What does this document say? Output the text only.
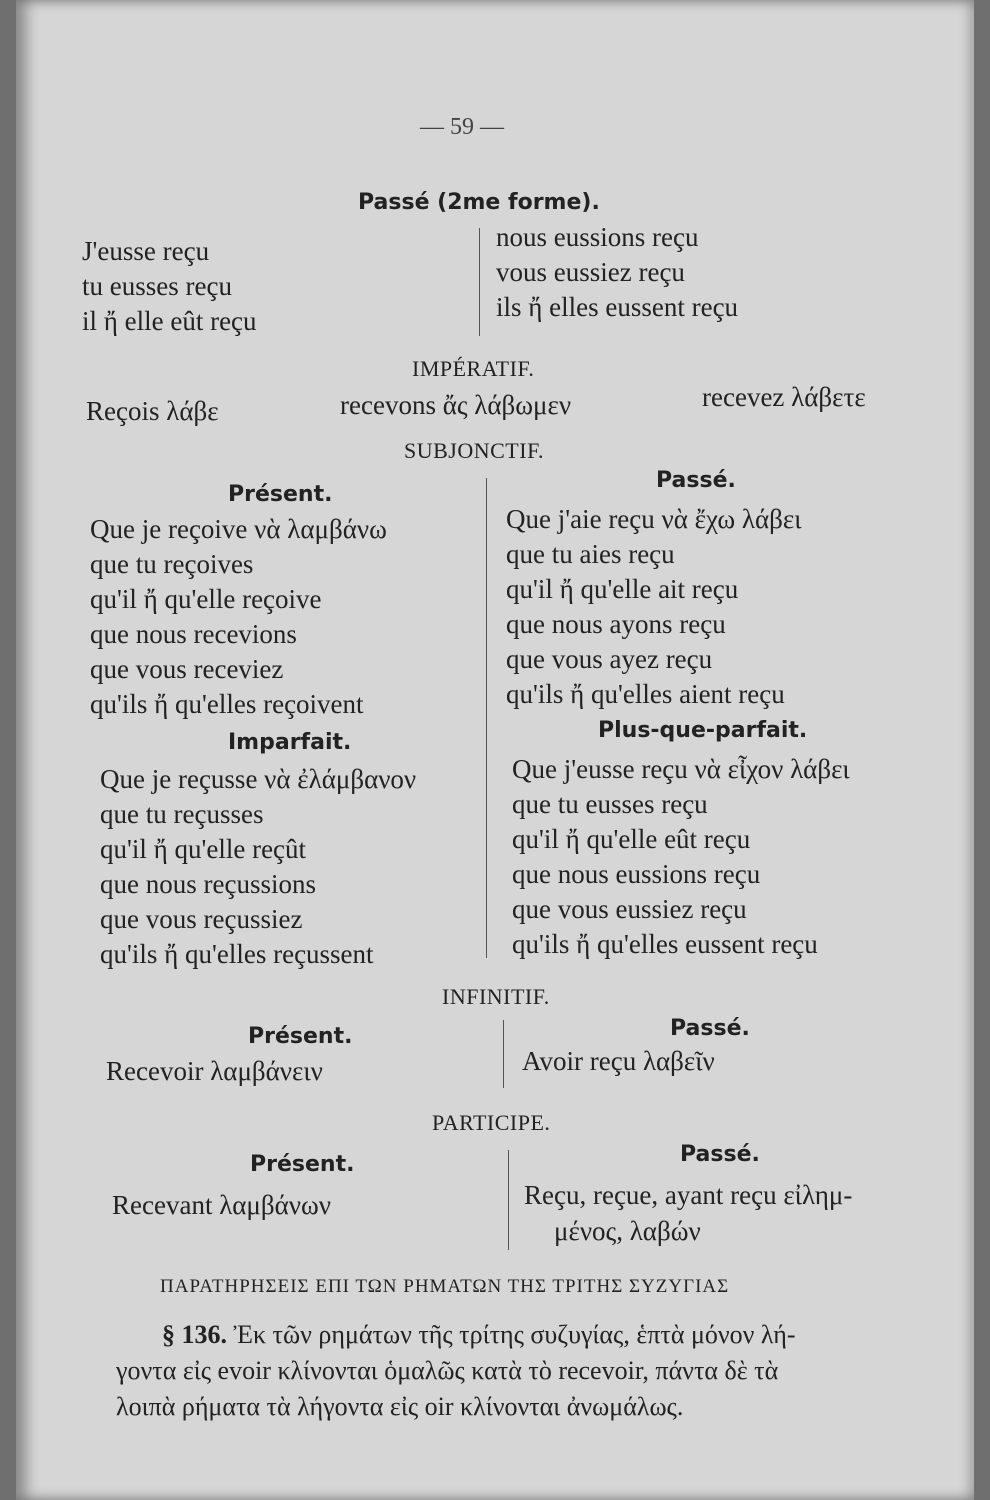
— 59 —
Passé (2me forme).
J'eusse reçu
tu eusses reçu
il ἤ elle eût reçu
nous eussions reçu
vous eussiez reçu
ils ἤ elles eussent reçu
IMPÉRATIF.
Reçois λάβε	recevons ἄς λάβωμεν	recevez λάβετε
SUBJONCTIF.
Présent.
Que je reçoive νὰ λαμβάνω
que tu reçoives
qu'il ἤ qu'elle reçoive
que nous recevions
que vous receviez
qu'ils ἤ qu'elles reçoivent
Passé.
Que j'aie reçu νὰ ἔχω λάβει
que tu aies reçu
qu'il ἤ qu'elle ait reçu
que nous ayons reçu
que vous ayez reçu
qu'ils ἤ qu'elles aient reçu
Imparfait.
Que je reçusse νὰ ἐλάμβανον
que tu reçusses
qu'il ἤ qu'elle reçût
que nous reçussions
que vous reçussiez
qu'ils ἤ qu'elles reçussent
Plus-que-parfait.
Que j'eusse reçu νὰ εἶχον λάβει
que tu eusses reçu
qu'il ἤ qu'elle eût reçu
que nous eussions reçu
que vous eussiez reçu
qu'ils ἤ qu'elles eussent reçu
INFINITIF.
Présent.
Recevoir λαμβάνειν
Passé.
Avoir reçu λαβεῖν
PARTICIPE.
Présent.
Recevant λαμβάνων
Passé.
Reçu, reçue, ayant reçu εἰλημ-
μένος, λαβών
ΠΑΡΑΤΗΡΗΣΕΙΣ ΕΠΙ ΤΩΝ ΡΗΜΑΤΩΝ ΤΗΣ ΤΡΙΤΗΣ ΣΥΖΥΓΙΑΣ
§ 136. Ἐκ τῶν ρημάτων τῆς τρίτης συζυγίας, ἑπτὰ μόνον λή-
γοντα εἰς evoir κλίνονται ὁμαλῶς κατὰ τὸ recevoir, πάντα δὲ τὰ
λοιπὰ ρήματα τὰ λήγοντα εἰς oir κλίνονται ἀνωμάλως.
